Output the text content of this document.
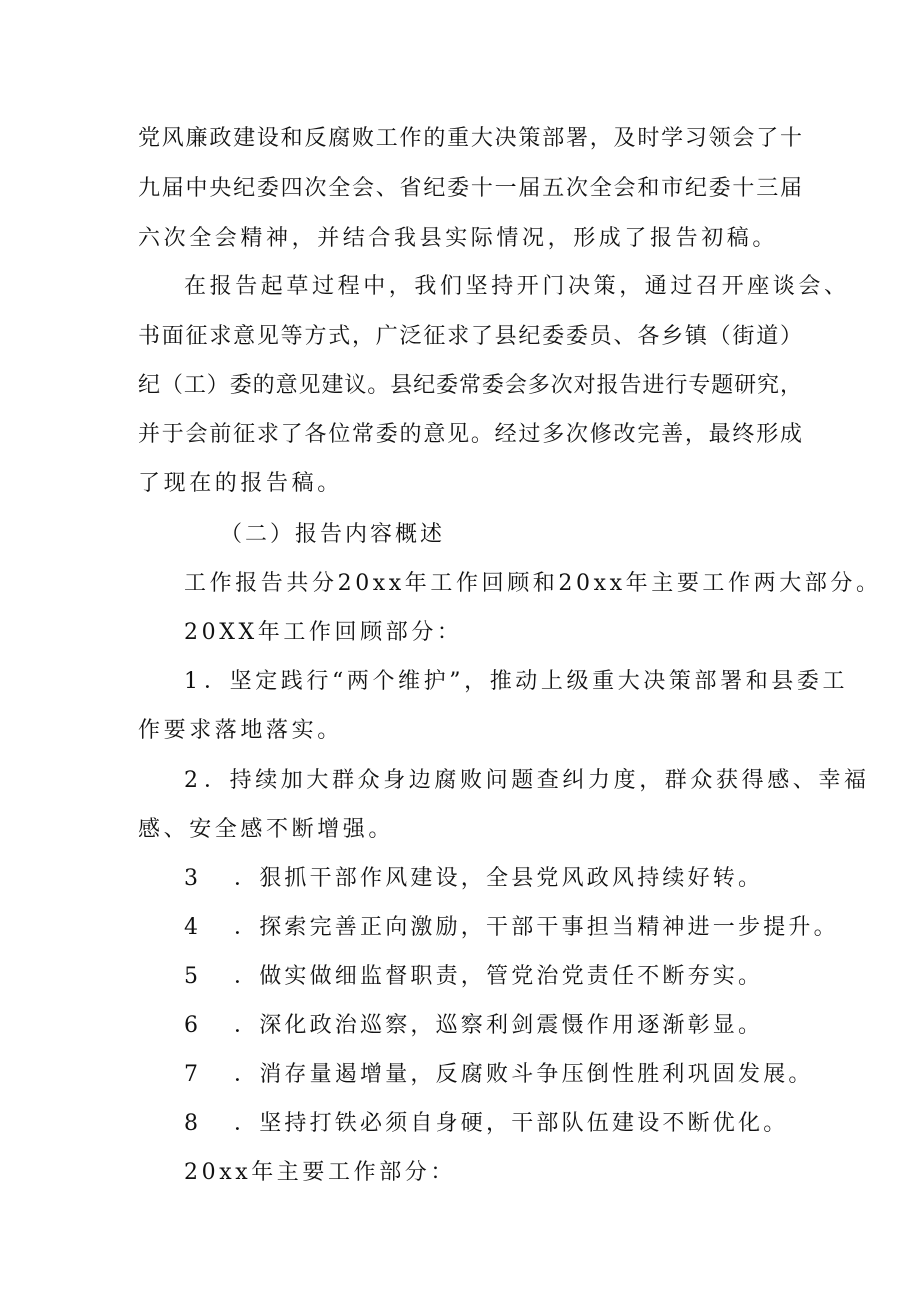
党风廉政建设和反腐败工作的重大决策部署，及时学习领会了十
九届中央纪委四次全会、省纪委十一届五次全会和市纪委十三届
六次全会精神，并结合我县实际情况，形成了报告初稿。
在报告起草过程中，我们坚持开门决策，通过召开座谈会、
书面征求意见等方式，广泛征求了县纪委委员、各乡镇（街道）
纪（工）委的意见建议。县纪委常委会多次对报告进行专题研究，
并于会前征求了各位常委的意见。经过多次修改完善，最终形成
了现在的报告稿。
（二）报告内容概述
工作报告共分20xx年工作回顾和20xx年主要工作两大部分。
20XX年工作回顾部分：
1 ．坚定践行“两个维护”，推动上级重大决策部署和县委工
作要求落地落实。
2 ．持续加大群众身边腐败问题查纠力度，群众获得感、幸福
感、安全感不断增强。
3 ．狠抓干部作风建设，全县党风政风持续好转。
4 ．探索完善正向激励，干部干事担当精神进一步提升。
5 ．做实做细监督职责，管党治党责任不断夯实。
6 ．深化政治巡察，巡察利剑震慑作用逐渐彰显。
7 ．消存量遏增量，反腐败斗争压倒性胜利巩固发展。
8 ．坚持打铁必须自身硬，干部队伍建设不断优化。
20xx年主要工作部分：
